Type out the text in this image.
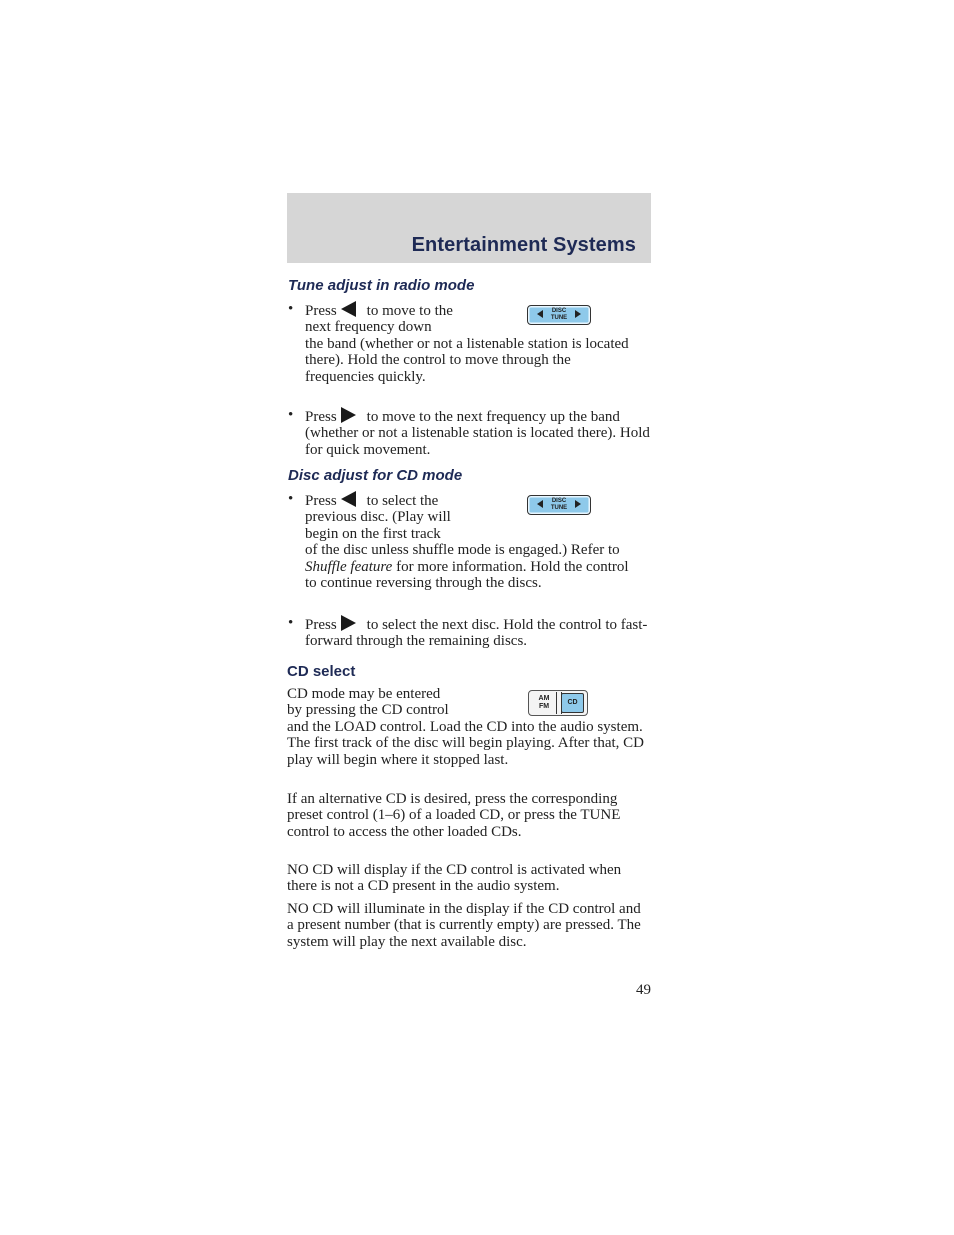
Entertainment Systems
Tune adjust in radio mode
• Press to move to the next frequency down the band (whether or not a listenable station is located there). Hold the control to move through the frequencies quickly.
DISC
TUNE
• Press to move to the next frequency up the band (whether or not a listenable station is located there). Hold for quick movement.
Disc adjust for CD mode
• Press to select the previous disc. (Play will begin on the first track of the disc unless shuffle mode is engaged.) Refer to Shuffle feature for more information. Hold the control to continue reversing through the discs.
DISC
TUNE
• Press to select the next disc. Hold the control to fast-forward through the remaining discs.
CD select
CD mode may be entered by pressing the CD control and the LOAD control. Load the CD into the audio system. The first track of the disc will begin playing. After that, CD play will begin where it stopped last.
AM
FM
CD
If an alternative CD is desired, press the corresponding preset control (1–6) of a loaded CD, or press the TUNE control to access the other loaded CDs.
NO CD will display if the CD control is activated when there is not a CD present in the audio system.
NO CD will illuminate in the display if the CD control and a present number (that is currently empty) are pressed. The system will play the next available disc.
49
